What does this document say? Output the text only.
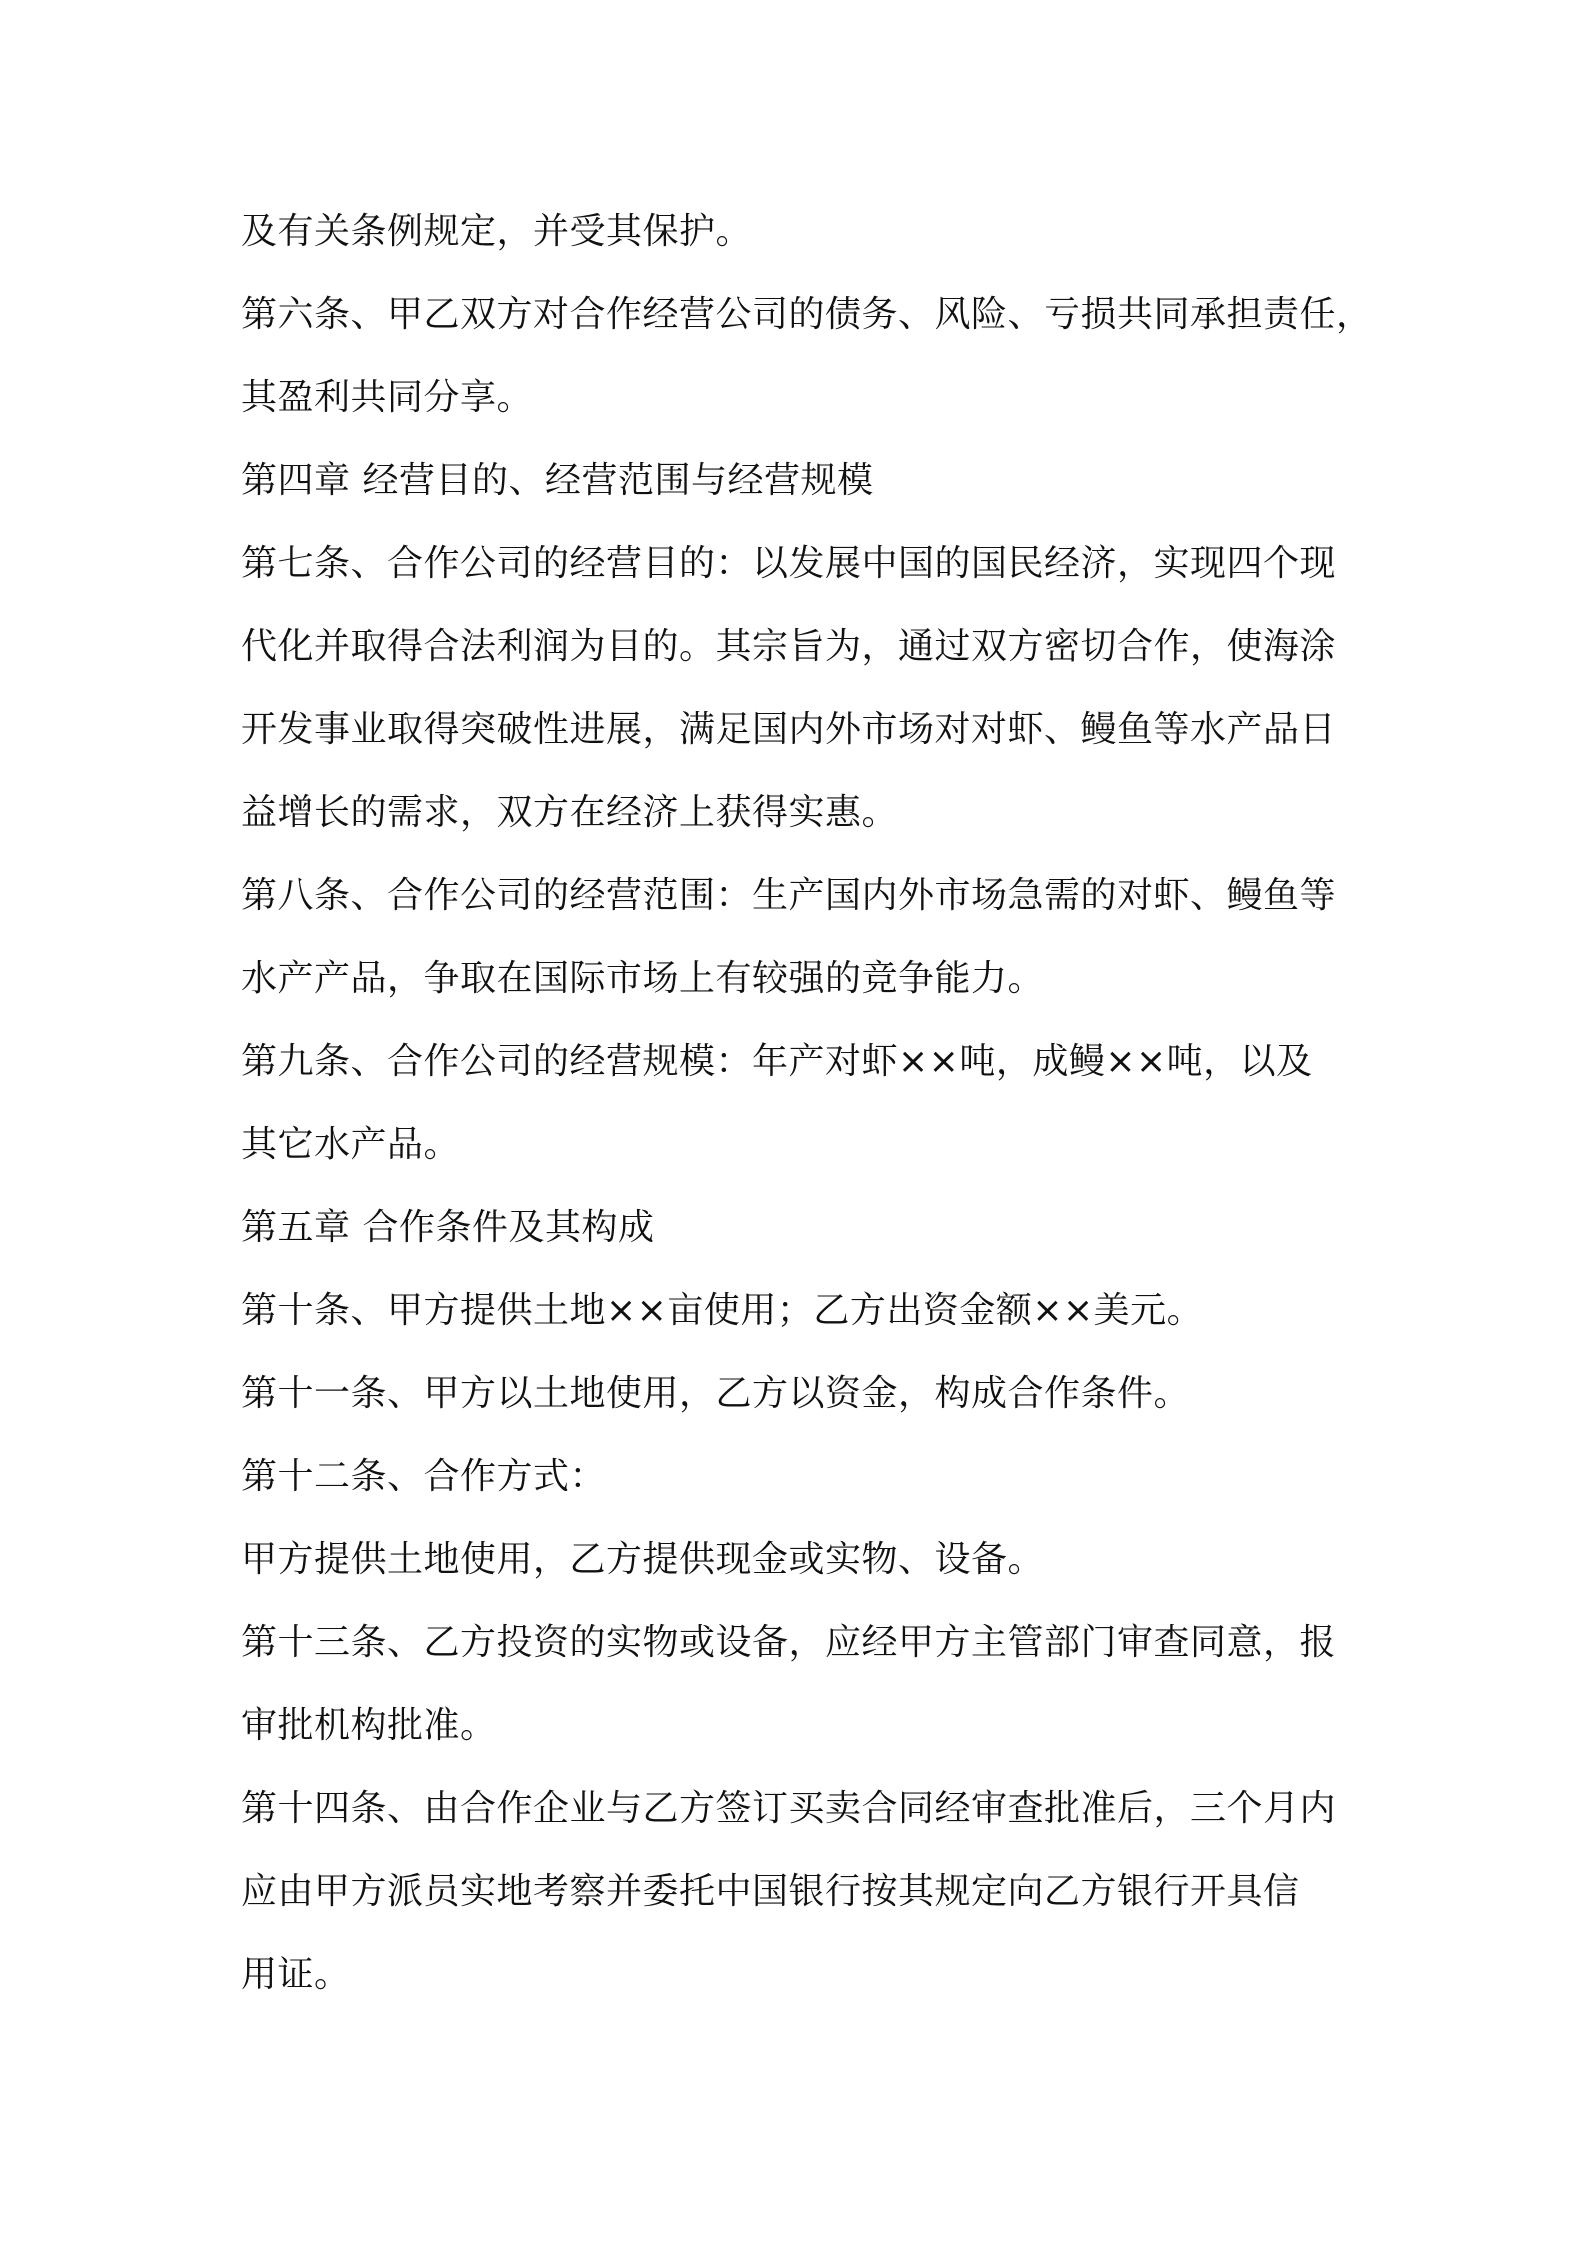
及有关条例规定，并受其保护。
第六条、甲乙双方对合作经营公司的债务、风险、亏损共同承担责任，
其盈利共同分享。
第四章 经营目的、经营范围与经营规模
第七条、合作公司的经营目的：以发展中国的国民经济，实现四个现
代化并取得合法利润为目的。其宗旨为，通过双方密切合作，使海涂
开发事业取得突破性进展，满足国内外市场对对虾、鳗鱼等水产品日
益增长的需求，双方在经济上获得实惠。
第八条、合作公司的经营范围：生产国内外市场急需的对虾、鳗鱼等
水产产品，争取在国际市场上有较强的竞争能力。
第九条、合作公司的经营规模：年产对虾××吨，成鳗××吨，以及
其它水产品。
第五章 合作条件及其构成
第十条、甲方提供土地××亩使用；乙方出资金额××美元。
第十一条、甲方以土地使用，乙方以资金，构成合作条件。
第十二条、合作方式：
甲方提供土地使用，乙方提供现金或实物、设备。
第十三条、乙方投资的实物或设备，应经甲方主管部门审查同意，报
审批机构批准。
第十四条、由合作企业与乙方签订买卖合同经审查批准后，三个月内
应由甲方派员实地考察并委托中国银行按其规定向乙方银行开具信
用证。
